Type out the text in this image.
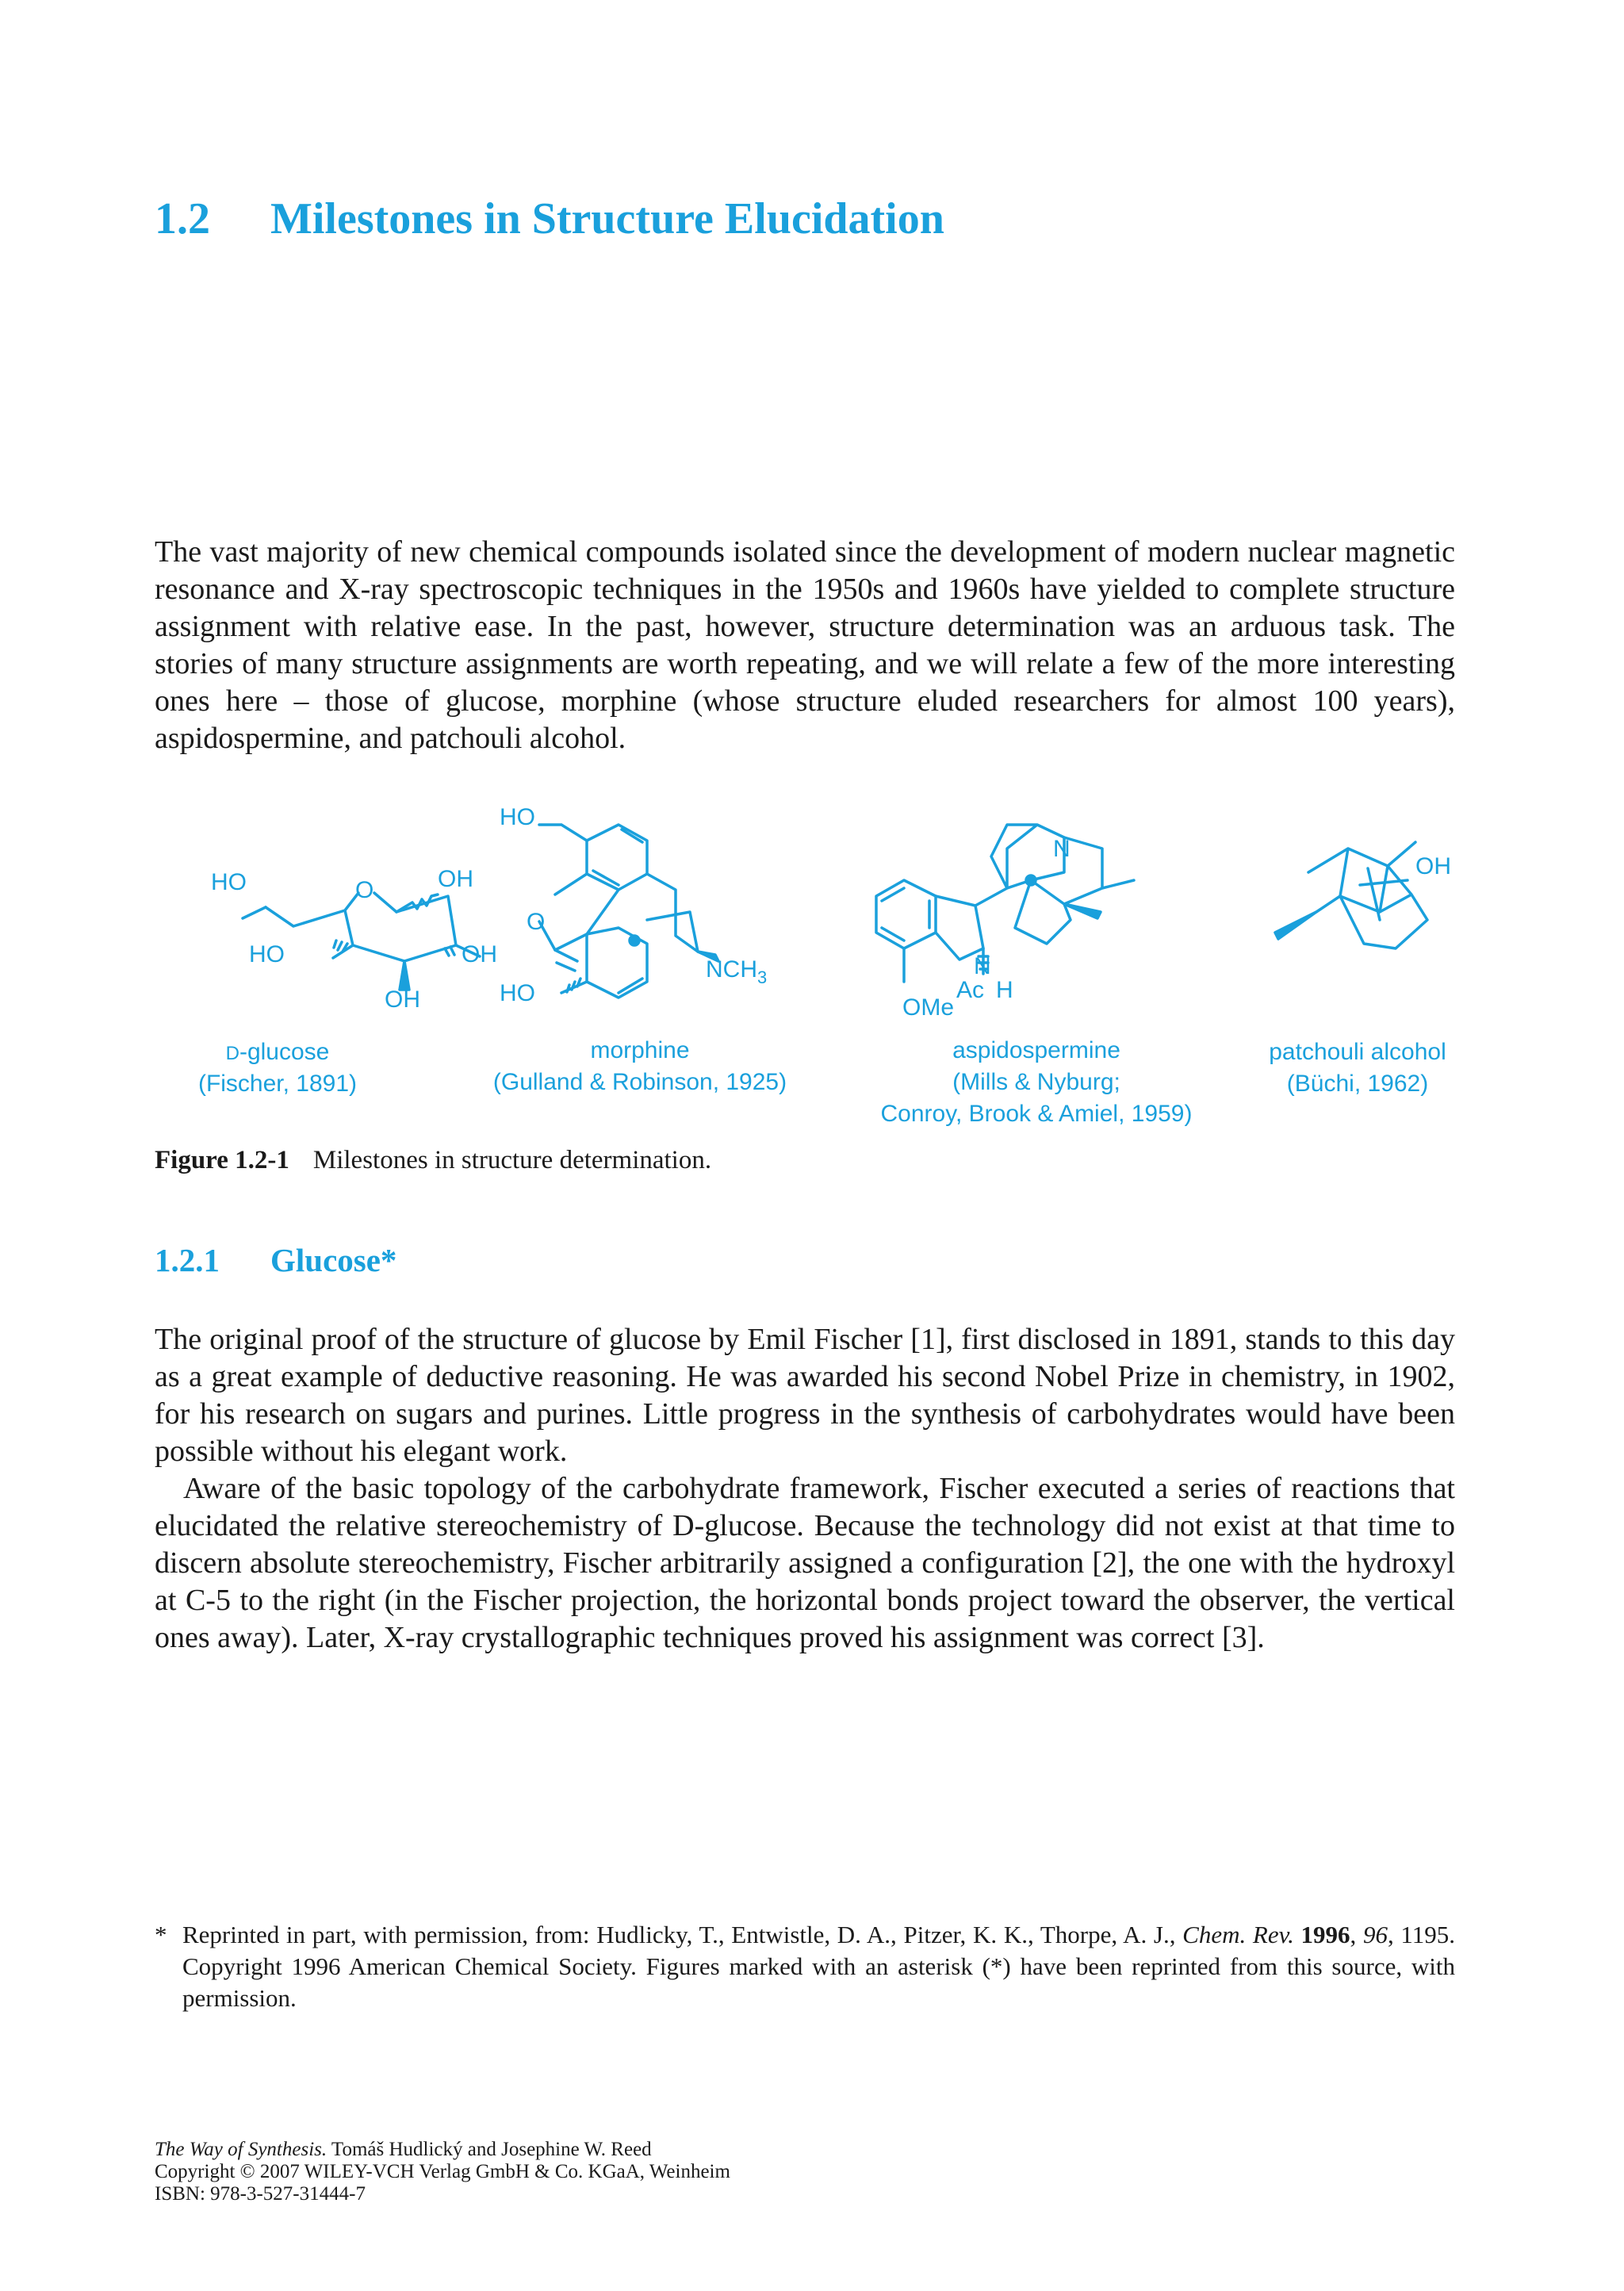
1.2 Milestones in Structure Elucidation

The vast majority of new chemical compounds isolated since the development of modern nuclear magnetic resonance and X-ray spectroscopic techniques in the 1950s and 1960s have yielded to complete structure assignment with relative ease. In the past, however, structure determination was an arduous task. The stories of many structure assignments are worth repeating, and we will relate a few of the more interesting ones here – those of glucose, morphine (whose structure eluded researchers for almost 100 years), aspidospermine, and patchouli alcohol.

HO	O	OH
HO	OH
OH
HO
O
$NCH_3$
HO
N
N
Ac H
OMe
OH
D-glucose
(Fischer, 1891)
morphine
(Gulland & Robinson, 1925)
aspidospermine
(Mills & Nyburg;
Conroy, Brook & Amiel, 1959)
patchouli alcohol
(Büchi, 1962)

Figure 1.2-1 Milestones in structure determination.

1.2.1 Glucose*

The original proof of the structure of glucose by Emil Fischer [1], first disclosed in 1891, stands to this day as a great example of deductive reasoning. He was awarded his second Nobel Prize in chemistry, in 1902, for his research on sugars and purines. Little progress in the synthesis of carbohydrates would have been possible without his elegant work.

Aware of the basic topology of the carbohydrate framework, Fischer executed a series of reactions that elucidated the relative stereochemistry of D-glucose. Because the technology did not exist at that time to discern absolute stereochemistry, Fischer arbitrarily assigned a configuration [2], the one with the hydroxyl at C-5 to the right (in the Fischer projection, the horizontal bonds project toward the observer, the vertical ones away). Later, X-ray crystallographic techniques proved his assignment was correct [3].

* Reprinted in part, with permission, from: Hudlicky, T., Entwistle, D. A., Pitzer, K. K., Thorpe, A. J., Chem. Rev. 1996, 96, 1195. Copyright 1996 American Chemical Society. Figures marked with an asterisk (*) have been reprinted from this source, with permission.

The Way of Synthesis. Tomáš Hudlický and Josephine W. Reed
Copyright © 2007 WILEY-VCH Verlag GmbH & Co. KGaA, Weinheim
ISBN: 978-3-527-31444-7
